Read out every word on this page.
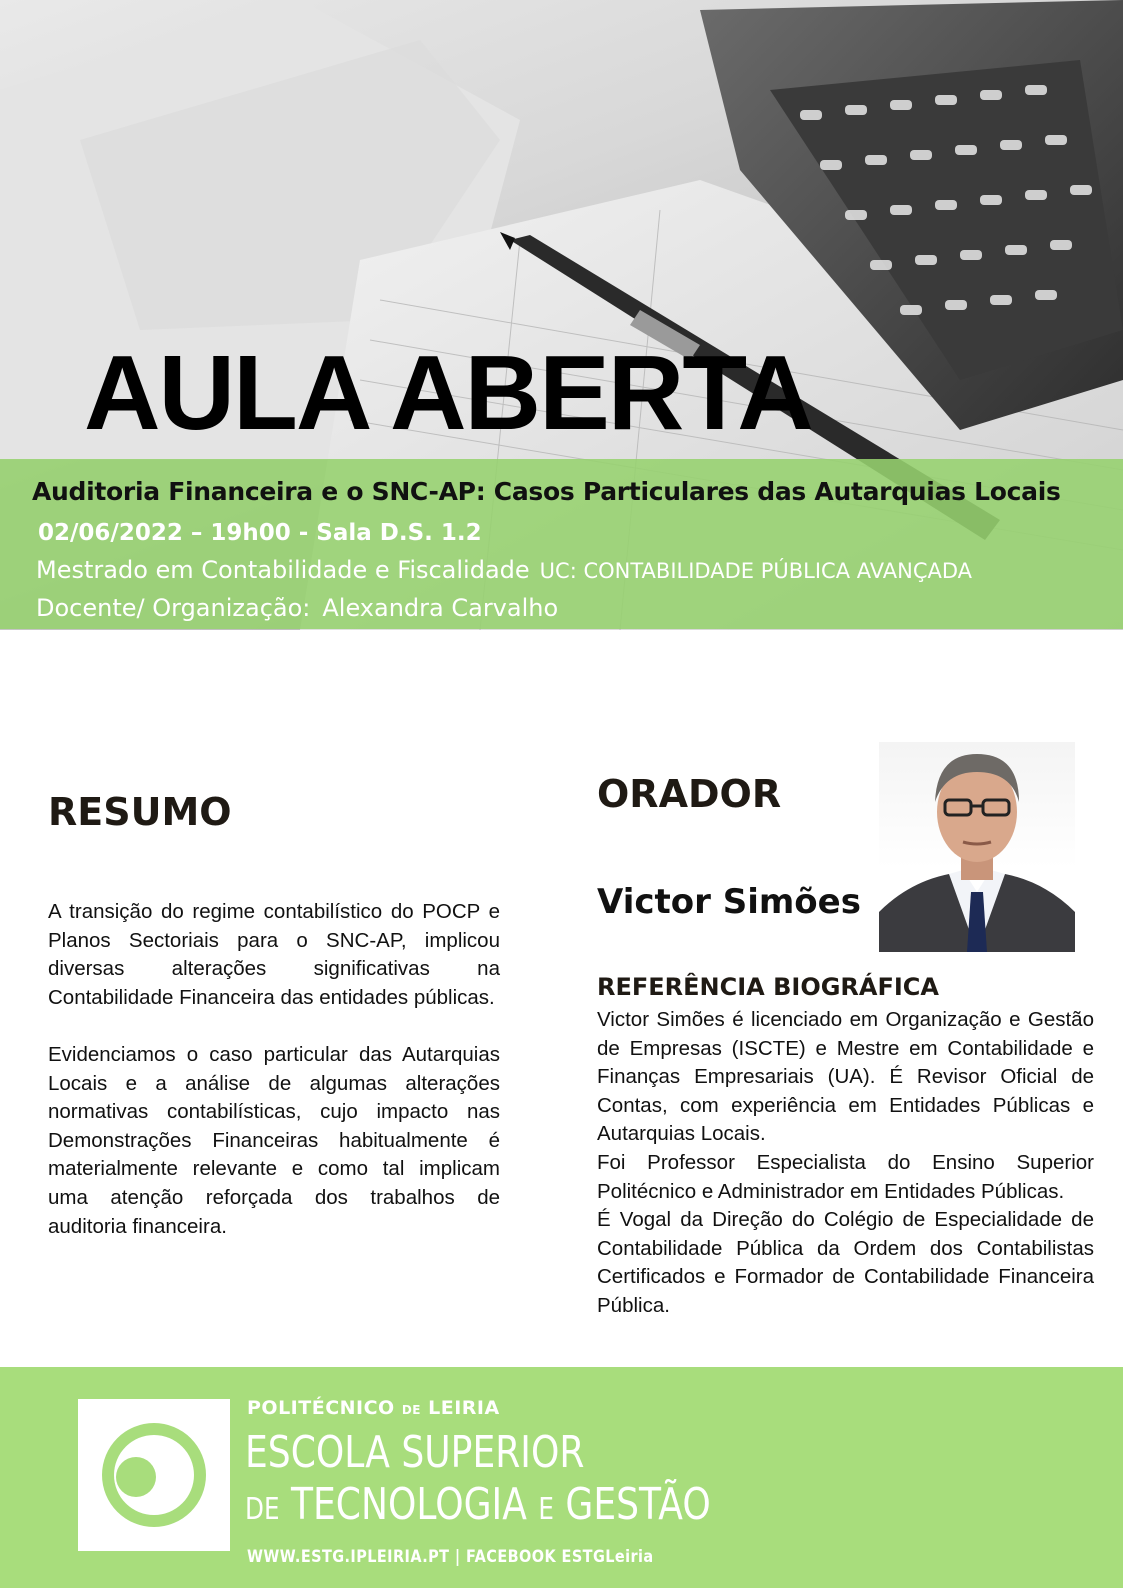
AULA ABERTA
Auditoria Financeira e o SNC-AP: Casos Particulares das Autarquias Locais
02/06/2022 – 19h00 - Sala D.S. 1.2
Mestrado em Contabilidade e Fiscalidade UC: CONTABILIDADE PÚBLICA AVANÇADA
Docente/ Organização: Alexandra Carvalho
RESUMO

A transição do regime contabilístico do POCP e Planos Sectoriais para o SNC-AP, implicou diversas alterações significativas na Contabilidade Financeira das entidades públicas.

Evidenciamos o caso particular das Autarquias Locais e a análise de algumas alterações normativas contabilísticas, cujo impacto nas Demonstrações Financeiras habitualmente é materialmente relevante e como tal implicam uma atenção reforçada dos trabalhos de auditoria financeira.

ORADOR
Victor Simões
REFERÊNCIA BIOGRÁFICA

Victor Simões é licenciado em Organização e Gestão de Empresas (ISCTE) e Mestre em Contabilidade e Finanças Empresariais (UA). É Revisor Oficial de Contas, com experiência em Entidades Públicas e Autarquias Locais.

Foi Professor Especialista do Ensino Superior Politécnico e Administrador em Entidades Públicas.

É Vogal da Direção do Colégio de Especialidade de Contabilidade Pública da Ordem dos Contabilistas Certificados e Formador de Contabilidade Financeira Pública.

POLITÉCNICO DE LEIRIA
ESCOLA SUPERIOR
DE TECNOLOGIA E GESTÃO
WWW.ESTG.IPLEIRIA.PT | FACEBOOK ESTGLeiria
